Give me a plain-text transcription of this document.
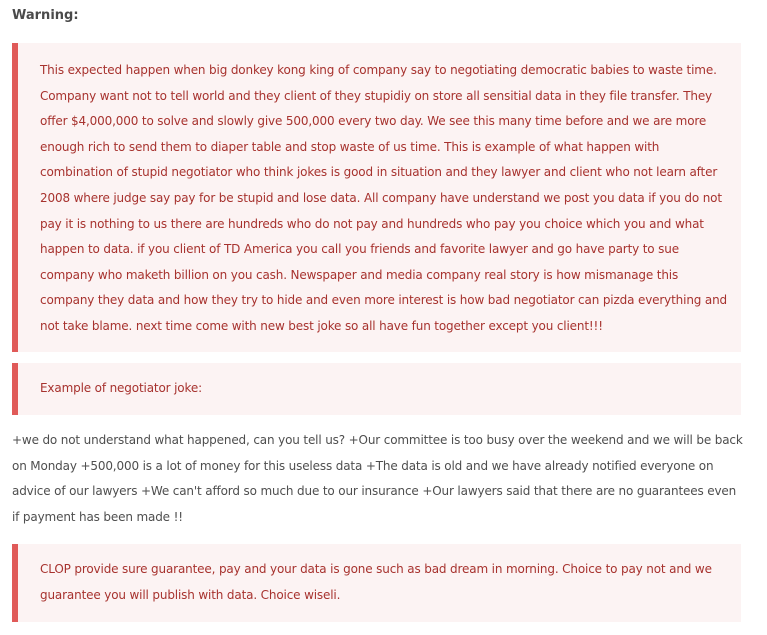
Warning:

This expected happen when big donkey kong king of company say to negotiating democratic babies to waste time. Company want not to tell world and they client of they stupidiy on store all sensitial data in they file transfer. They offer $4,000,000 to solve and slowly give 500,000 every two day. We see this many time before and we are more enough rich to send them to diaper table and stop waste of us time. This is example of what happen with combination of stupid negotiator who think jokes is good in situation and they lawyer and client who not learn after 2008 where judge say pay for be stupid and lose data. All company have understand we post you data if you do not pay it is nothing to us there are hundreds who do not pay and hundreds who pay you choice which you and what happen to data. if you client of TD America you call you friends and favorite lawyer and go have party to sue company who maketh billion on you cash. Newspaper and media company real story is how mismanage this company they data and how they try to hide and even more interest is how bad negotiator can pizda everything and not take blame. next time come with new best joke so all have fun together except you client!!!

Example of negotiator joke:

+we do not understand what happened, can you tell us? +Our committee is too busy over the weekend and we will be back on Monday +500,000 is a lot of money for this useless data +The data is old and we have already notified everyone on advice of our lawyers +We can't afford so much due to our insurance +Our lawyers said that there are no guarantees even if payment has been made !!

CLOP provide sure guarantee, pay and your data is gone such as bad dream in morning. Choice to pay not and we guarantee you will publish with data. Choice wiseli.
